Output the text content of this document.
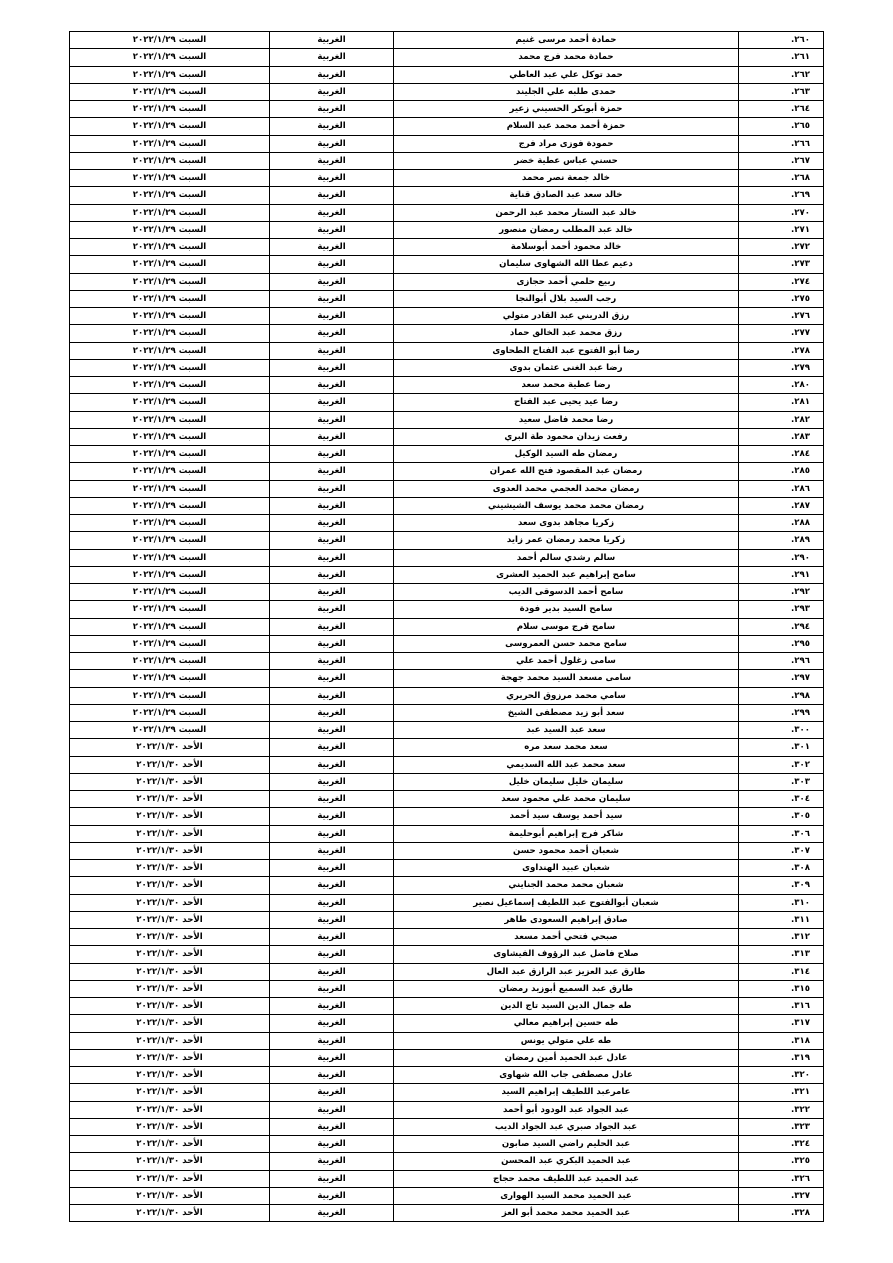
السبت ٢٠٢٢/١/٢٩	الغربية	حمادة أحمد مرسى غنيم	٢٦٠.
السبت ٢٠٢٢/١/٢٩	الغربية	حمادة محمد فرج محمد	٢٦١.
السبت ٢٠٢٢/١/٢٩	الغربية	حمد توكل علي عبد العاطي	٢٦٢.
السبت ٢٠٢٢/١/٢٩	الغربية	حمدى طلبه علي الجليند	٢٦٣.
السبت ٢٠٢٢/١/٢٩	الغربية	حمزة أبوبكر الحسيني زعير	٢٦٤.
السبت ٢٠٢٢/١/٢٩	الغربية	حمزة أحمد محمد عبد السلام	٢٦٥.
السبت ٢٠٢٢/١/٢٩	الغربية	حمودة فوزى مراد فرج	٢٦٦.
السبت ٢٠٢٢/١/٢٩	الغربية	حسني عباس عطية خضر	٢٦٧.
السبت ٢٠٢٢/١/٢٩	الغربية	خالد جمعة نصر محمد	٢٦٨.
السبت ٢٠٢٢/١/٢٩	الغربية	خالد سعد عبد الصادق قناية	٢٦٩.
السبت ٢٠٢٢/١/٢٩	الغربية	خالد عبد الستار محمد عبد الرحمن	٢٧٠.
السبت ٢٠٢٢/١/٢٩	الغربية	خالد عبد المطلب رمضان منصور	٢٧١.
السبت ٢٠٢٢/١/٢٩	الغربية	خالد محمود أحمد أبوسلامة	٢٧٢.
السبت ٢٠٢٢/١/٢٩	الغربية	دعيم عطا الله الشهاوى سليمان	٢٧٣.
السبت ٢٠٢٢/١/٢٩	الغربية	ربيع حلمي أحمد حجازى	٢٧٤.
السبت ٢٠٢٢/١/٢٩	الغربية	رجب السيد بلال أبوالنجا	٢٧٥.
السبت ٢٠٢٢/١/٢٩	الغربية	رزق الدريني عبد القادر متولي	٢٧٦.
السبت ٢٠٢٢/١/٢٩	الغربية	رزق محمد عبد الخالق حماد	٢٧٧.
السبت ٢٠٢٢/١/٢٩	الغربية	رضا أبو الفتوح عبد الفتاح الطحاوى	٢٧٨.
السبت ٢٠٢٢/١/٢٩	الغربية	رضا عبد الغنى عثمان بدوى	٢٧٩.
السبت ٢٠٢٢/١/٢٩	الغربية	رضا عطية محمد سعد	٢٨٠.
السبت ٢٠٢٢/١/٢٩	الغربية	رضا عيد يحيى عبد الفتاح	٢٨١.
السبت ٢٠٢٢/١/٢٩	الغربية	رضا محمد فاضل سعيد	٢٨٢.
السبت ٢٠٢٢/١/٢٩	الغربية	رفعت زيدان محمود طة البري	٢٨٣.
السبت ٢٠٢٢/١/٢٩	الغربية	رمضان طه السيد الوكيل	٢٨٤.
السبت ٢٠٢٢/١/٢٩	الغربية	رمضان عبد المقصود فتح الله عمران	٢٨٥.
السبت ٢٠٢٢/١/٢٩	الغربية	رمضان محمد العجمي محمد العدوى	٢٨٦.
السبت ٢٠٢٢/١/٢٩	الغربية	رمضان محمد محمد يوسف الشيشيني	٢٨٧.
السبت ٢٠٢٢/١/٢٩	الغربية	زكريا مجاهد بدوى سعد	٢٨٨.
السبت ٢٠٢٢/١/٢٩	الغربية	زكريا محمد رمضان عمر زايد	٢٨٩.
السبت ٢٠٢٢/١/٢٩	الغربية	سالم رشدي سالم أحمد	٢٩٠.
السبت ٢٠٢٢/١/٢٩	الغربية	سامح إبراهيم عبد الحميد العشرى	٢٩١.
السبت ٢٠٢٢/١/٢٩	الغربية	سامح أحمد الدسوقى الديب	٢٩٢.
السبت ٢٠٢٢/١/٢٩	الغربية	سامح السيد بدير فودة	٢٩٣.
السبت ٢٠٢٢/١/٢٩	الغربية	سامح فرج موسى سلام	٢٩٤.
السبت ٢٠٢٢/١/٢٩	الغربية	سامح محمد حسن العمروسى	٢٩٥.
السبت ٢٠٢٢/١/٢٩	الغربية	سامى زغلول أحمد علي	٢٩٦.
السبت ٢٠٢٢/١/٢٩	الغربية	سامى مسعد السيد محمد جهجة	٢٩٧.
السبت ٢٠٢٢/١/٢٩	الغربية	سامي محمد مرزوق الحريري	٢٩٨.
السبت ٢٠٢٢/١/٢٩	الغربية	سعد أبو زيد مصطفى الشيخ	٢٩٩.
السبت ٢٠٢٢/١/٢٩	الغربية	سعد عبد السيد عبد	٣٠٠.
الأحد ٢٠٢٢/١/٣٠	الغربية	سعد محمد سعد مره	٣٠١.
الأحد ٢٠٢٢/١/٣٠	الغربية	سعد محمد عبد الله السديمي	٣٠٢.
الأحد ٢٠٢٢/١/٣٠	الغربية	سليمان خليل سليمان خليل	٣٠٣.
الأحد ٢٠٢٢/١/٣٠	الغربية	سليمان محمد علي محمود سعد	٣٠٤.
الأحد ٢٠٢٢/١/٣٠	الغربية	سيد أحمد يوسف سيد أحمد	٣٠٥.
الأحد ٢٠٢٢/١/٣٠	الغربية	شاكر فرج إبراهيم أبوحليمة	٣٠٦.
الأحد ٢٠٢٢/١/٣٠	الغربية	شعبان أحمد محمود حسن	٣٠٧.
الأحد ٢٠٢٢/١/٣٠	الغربية	شعبان عبيد الهنداوى	٣٠٨.
الأحد ٢٠٢٢/١/٣٠	الغربية	شعبان محمد محمد الجنايني	٣٠٩.
الأحد ٢٠٢٢/١/٣٠	الغربية	شعبان أبوالفتوح عبد اللطيف إسماعيل نصير	٣١٠.
الأحد ٢٠٢٢/١/٣٠	الغربية	صادق إبراهيم السعودى طاهر	٣١١.
الأحد ٢٠٢٢/١/٣٠	الغربية	صبحي فتحي أحمد مسعد	٣١٢.
الأحد ٢٠٢٢/١/٣٠	الغربية	صلاح فاضل عبد الرؤوف الفيشاوى	٣١٣.
الأحد ٢٠٢٢/١/٣٠	الغربية	طارق عبد العزيز عبد الرازق عبد العال	٣١٤.
الأحد ٢٠٢٢/١/٣٠	الغربية	طارق عبد السميع أبوزيد رمضان	٣١٥.
الأحد ٢٠٢٢/١/٣٠	الغربية	طه جمال الدين السيد تاج الدين	٣١٦.
الأحد ٢٠٢٢/١/٣٠	الغربية	طه حسين إبراهيم معالي	٣١٧.
الأحد ٢٠٢٢/١/٣٠	الغربية	طه علي متولي يونس	٣١٨.
الأحد ٢٠٢٢/١/٣٠	الغربية	عادل عبد الحميد أمين رمضان	٣١٩.
الأحد ٢٠٢٢/١/٣٠	الغربية	عادل مصطفى جاب الله شهاوى	٣٢٠.
الأحد ٢٠٢٢/١/٣٠	الغربية	عامرعبد اللطيف إبراهيم السيد	٣٢١.
الأحد ٢٠٢٢/١/٣٠	الغربية	عبد الجواد عبد الودود أبو أحمد	٣٢٢.
الأحد ٢٠٢٢/١/٣٠	الغربية	عبد الجواد صبري عبد الجواد الديب	٣٢٣.
الأحد ٢٠٢٢/١/٣٠	الغربية	عبد الحليم راضي السيد صابون	٣٢٤.
الأحد ٢٠٢٢/١/٣٠	الغربية	عبد الحميد البكري عبد المحسن	٣٢٥.
الأحد ٢٠٢٢/١/٣٠	الغربية	عبد الحميد عبد اللطيف محمد حجاج	٣٢٦.
الأحد ٢٠٢٢/١/٣٠	الغربية	عبد الحميد محمد السيد الهوارى	٣٢٧.
الأحد ٢٠٢٢/١/٣٠	الغربية	عبد الحميد محمد محمد أبو العز	٣٢٨.
